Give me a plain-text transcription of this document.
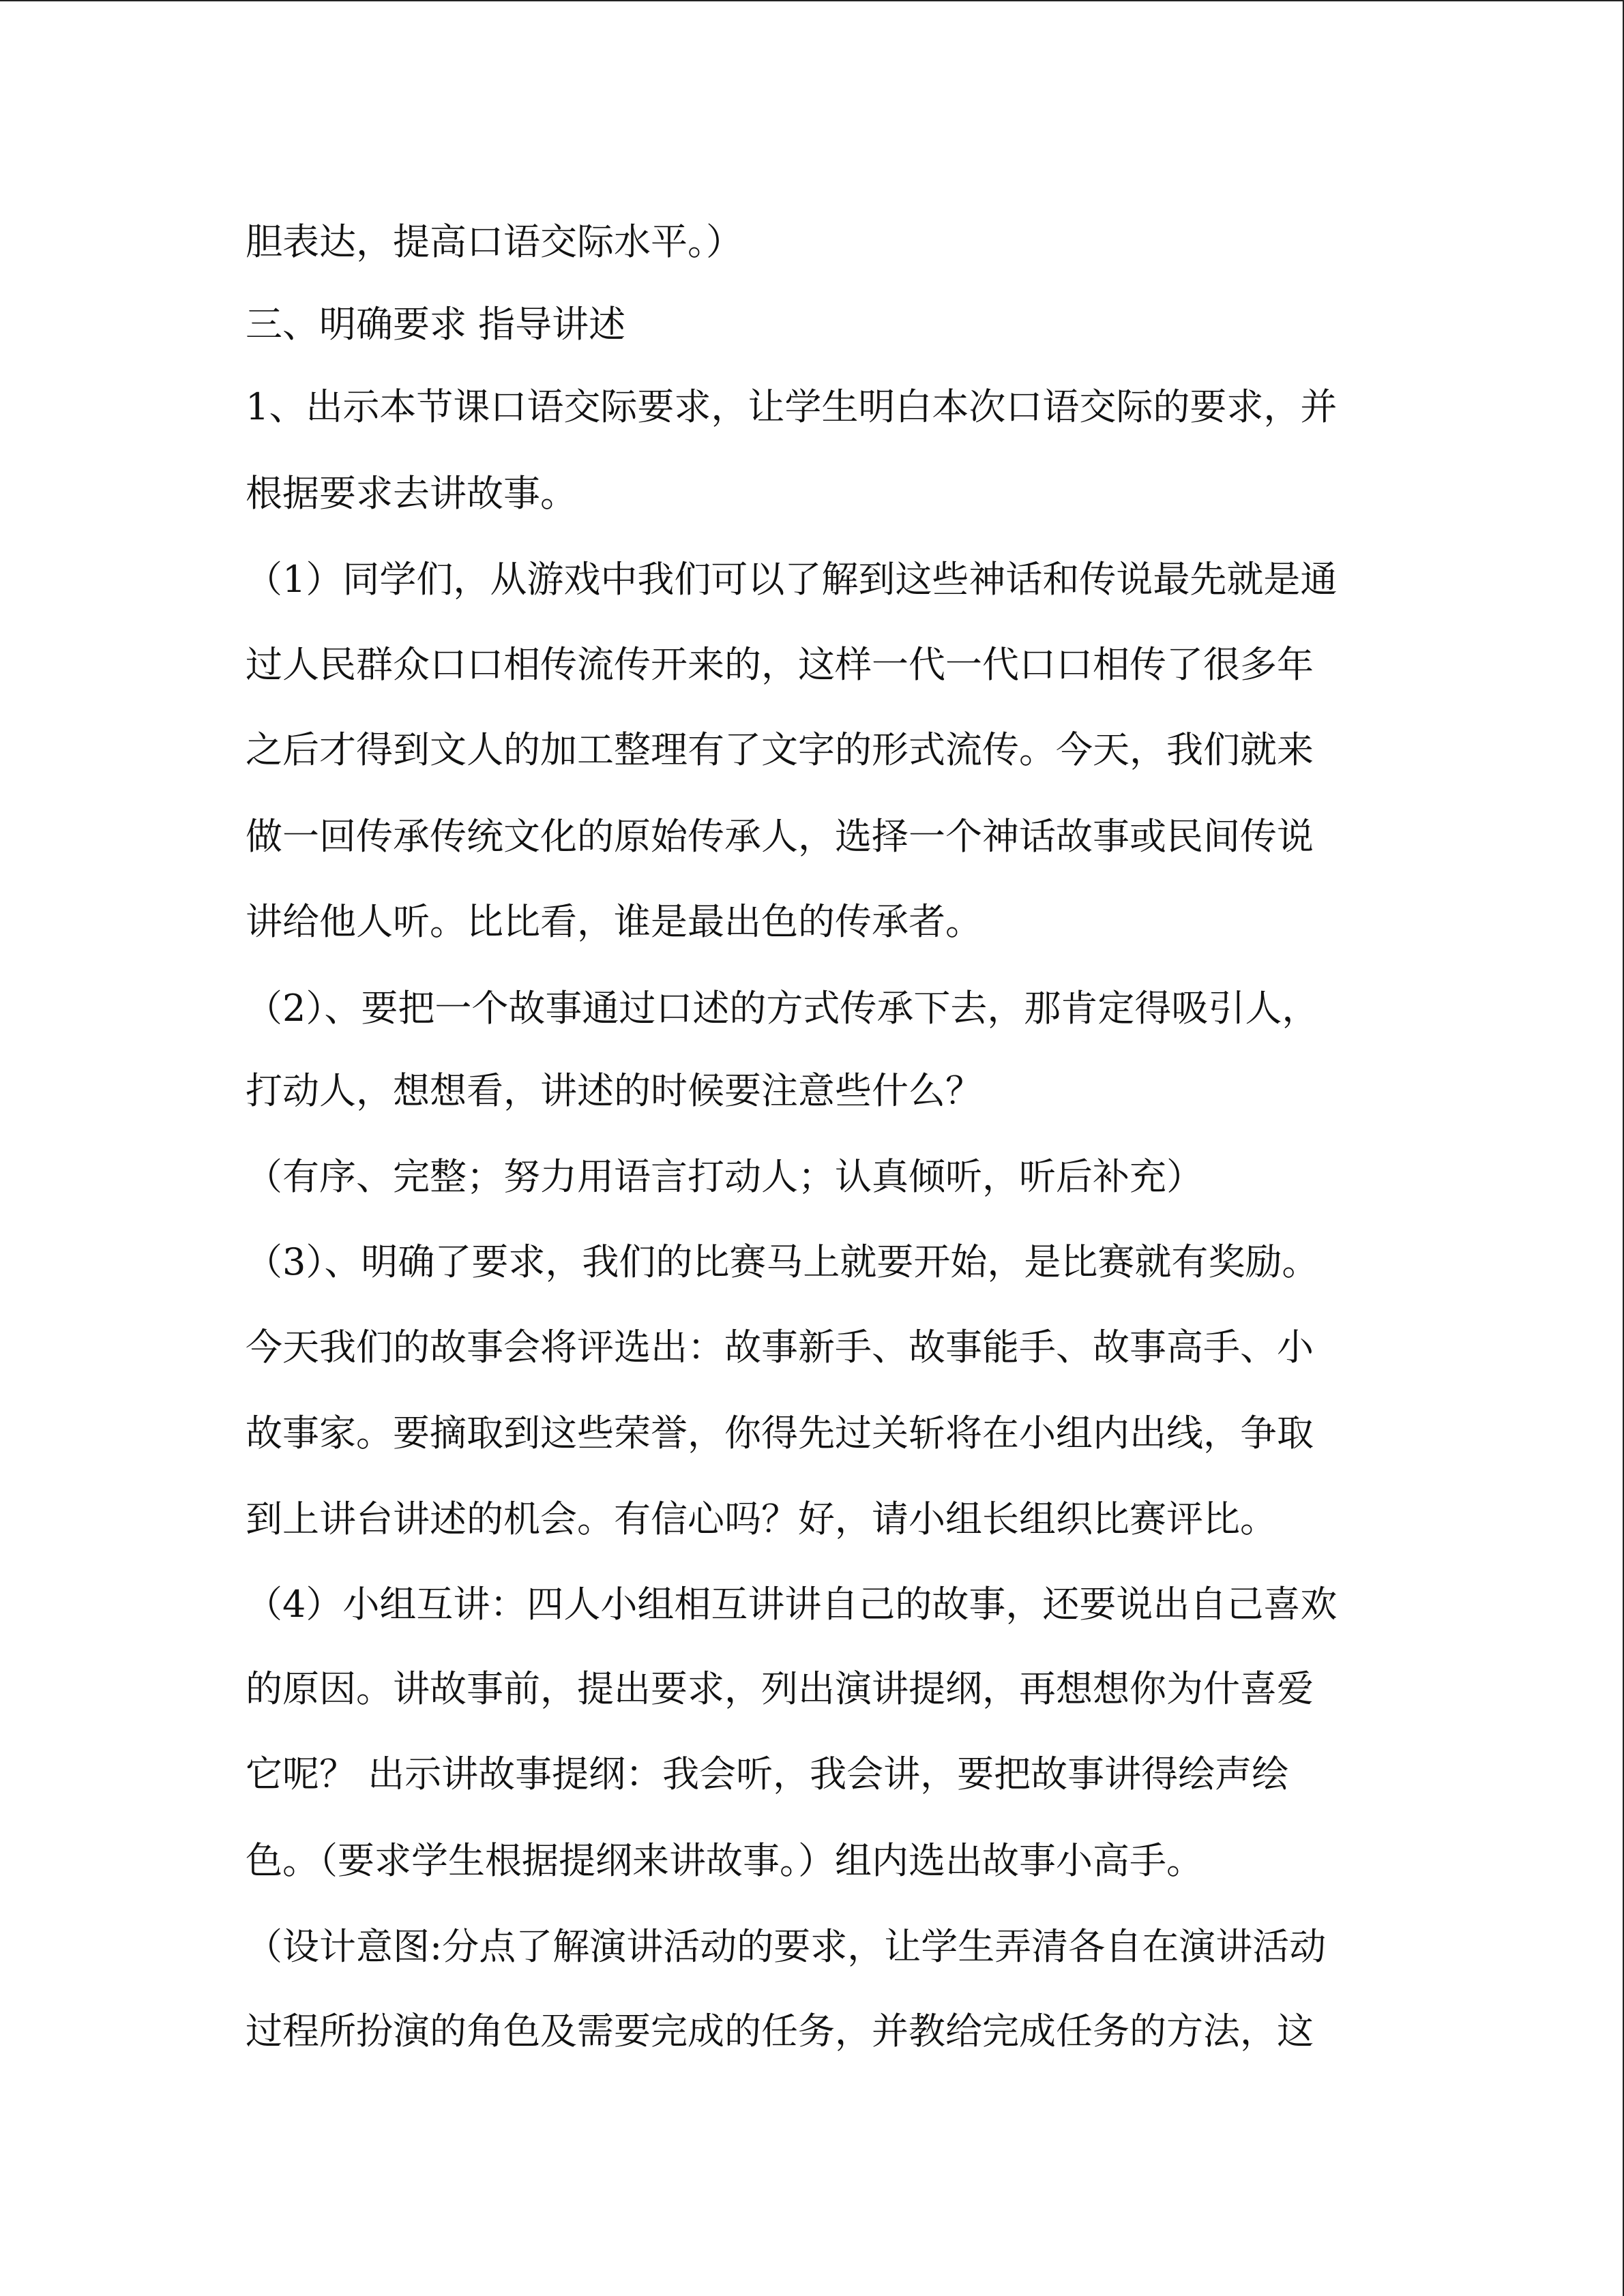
胆表达，提高口语交际水平。）
三、明确要求 指导讲述
1、出示本节课口语交际要求，让学生明白本次口语交际的要求，并
根据要求去讲故事。
（1）同学们，从游戏中我们可以了解到这些神话和传说最先就是通
过人民群众口口相传流传开来的，这样一代一代口口相传了很多年
之后才得到文人的加工整理有了文字的形式流传。今天，我们就来
做一回传承传统文化的原始传承人，选择一个神话故事或民间传说
讲给他人听。比比看，谁是最出色的传承者。
（2）、要把一个故事通过口述的方式传承下去，那肯定得吸引人，
打动人，想想看，讲述的时候要注意些什么？
（有序、完整；努力用语言打动人；认真倾听，听后补充）
（3）、明确了要求，我们的比赛马上就要开始，是比赛就有奖励。
今天我们的故事会将评选出：故事新手、故事能手、故事高手、小
故事家。要摘取到这些荣誉，你得先过关斩将在小组内出线，争取
到上讲台讲述的机会。有信心吗？好，请小组长组织比赛评比。
（4）小组互讲：四人小组相互讲讲自己的故事，还要说出自己喜欢
的原因。讲故事前，提出要求，列出演讲提纲，再想想你为什喜爱
它呢？ 出示讲故事提纲：我会听，我会讲，要把故事讲得绘声绘
色。（要求学生根据提纲来讲故事。）组内选出故事小高手。
（设计意图:分点了解演讲活动的要求，让学生弄清各自在演讲活动
过程所扮演的角色及需要完成的任务，并教给完成任务的方法，这
